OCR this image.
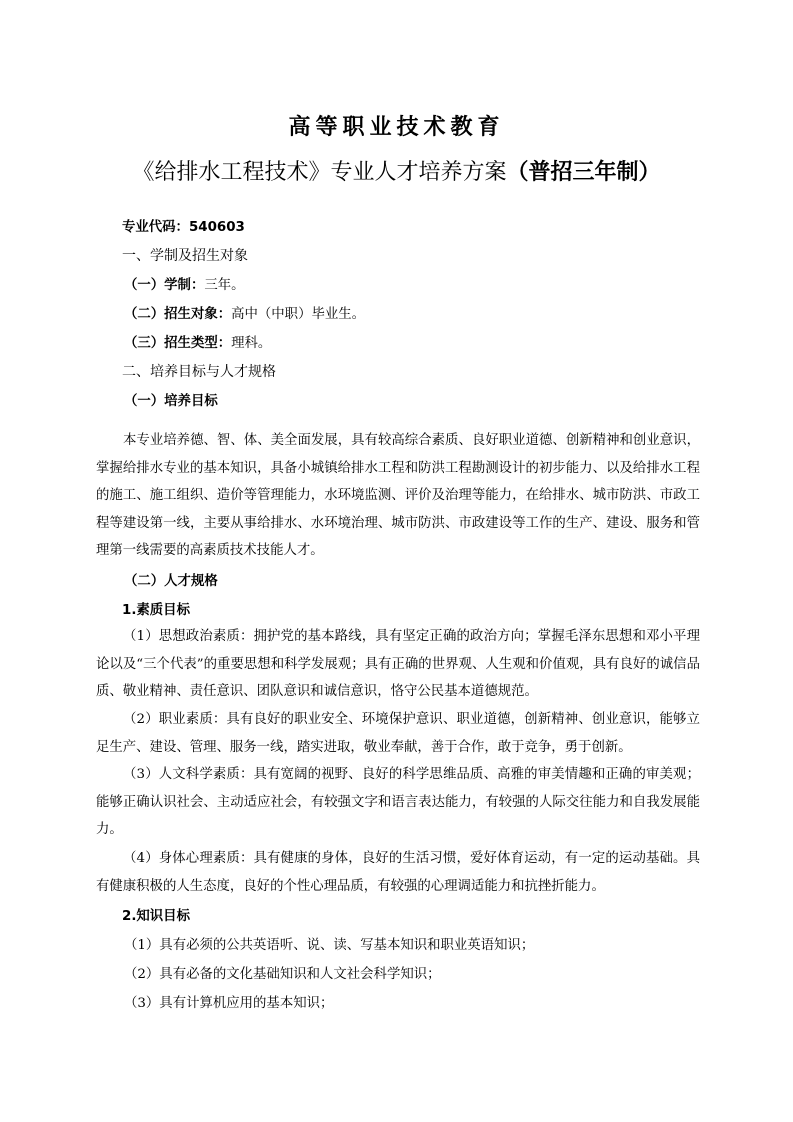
高等职业技术教育
《给排水工程技术》专业人才培养方案（普招三年制）
专业代码：540603
一、学制及招生对象
（一）学制：三年。
（二）招生对象：高中（中职）毕业生。
（三）招生类型：理科。
二、培养目标与人才规格
（一）培养目标

本专业培养德、智、体、美全面发展，具有较高综合素质、良好职业道德、创新精神和创业意识，掌握给排水专业的基本知识，具备小城镇给排水工程和防洪工程勘测设计的初步能力、以及给排水工程的施工、施工组织、造价等管理能力，水环境监测、评价及治理等能力，在给排水、城市防洪、市政工程等建设第一线，主要从事给排水、水环境治理、城市防洪、市政建设等工作的生产、建设、服务和管理第一线需要的高素质技术技能人才。

（二）人才规格
1.素质目标

（1）思想政治素质：拥护党的基本路线，具有坚定正确的政治方向；掌握毛泽东思想和邓小平理论以及“三个代表”的重要思想和科学发展观；具有正确的世界观、人生观和价值观，具有良好的诚信品质、敬业精神、责任意识、团队意识和诚信意识，恪守公民基本道德规范。

（2）职业素质：具有良好的职业安全、环境保护意识、职业道德，创新精神、创业意识，能够立足生产、建设、管理、服务一线，踏实进取，敬业奉献，善于合作，敢于竞争，勇于创新。

（3）人文科学素质：具有宽阔的视野、良好的科学思维品质、高雅的审美情趣和正确的审美观；能够正确认识社会、主动适应社会，有较强文字和语言表达能力，有较强的人际交往能力和自我发展能力。

（4）身体心理素质：具有健康的身体，良好的生活习惯，爱好体育运动，有一定的运动基础。具有健康积极的人生态度，良好的个性心理品质，有较强的心理调适能力和抗挫折能力。

2.知识目标
（1）具有必须的公共英语听、说、读、写基本知识和职业英语知识；
（2）具有必备的文化基础知识和人文社会科学知识；
（3）具有计算机应用的基本知识；
